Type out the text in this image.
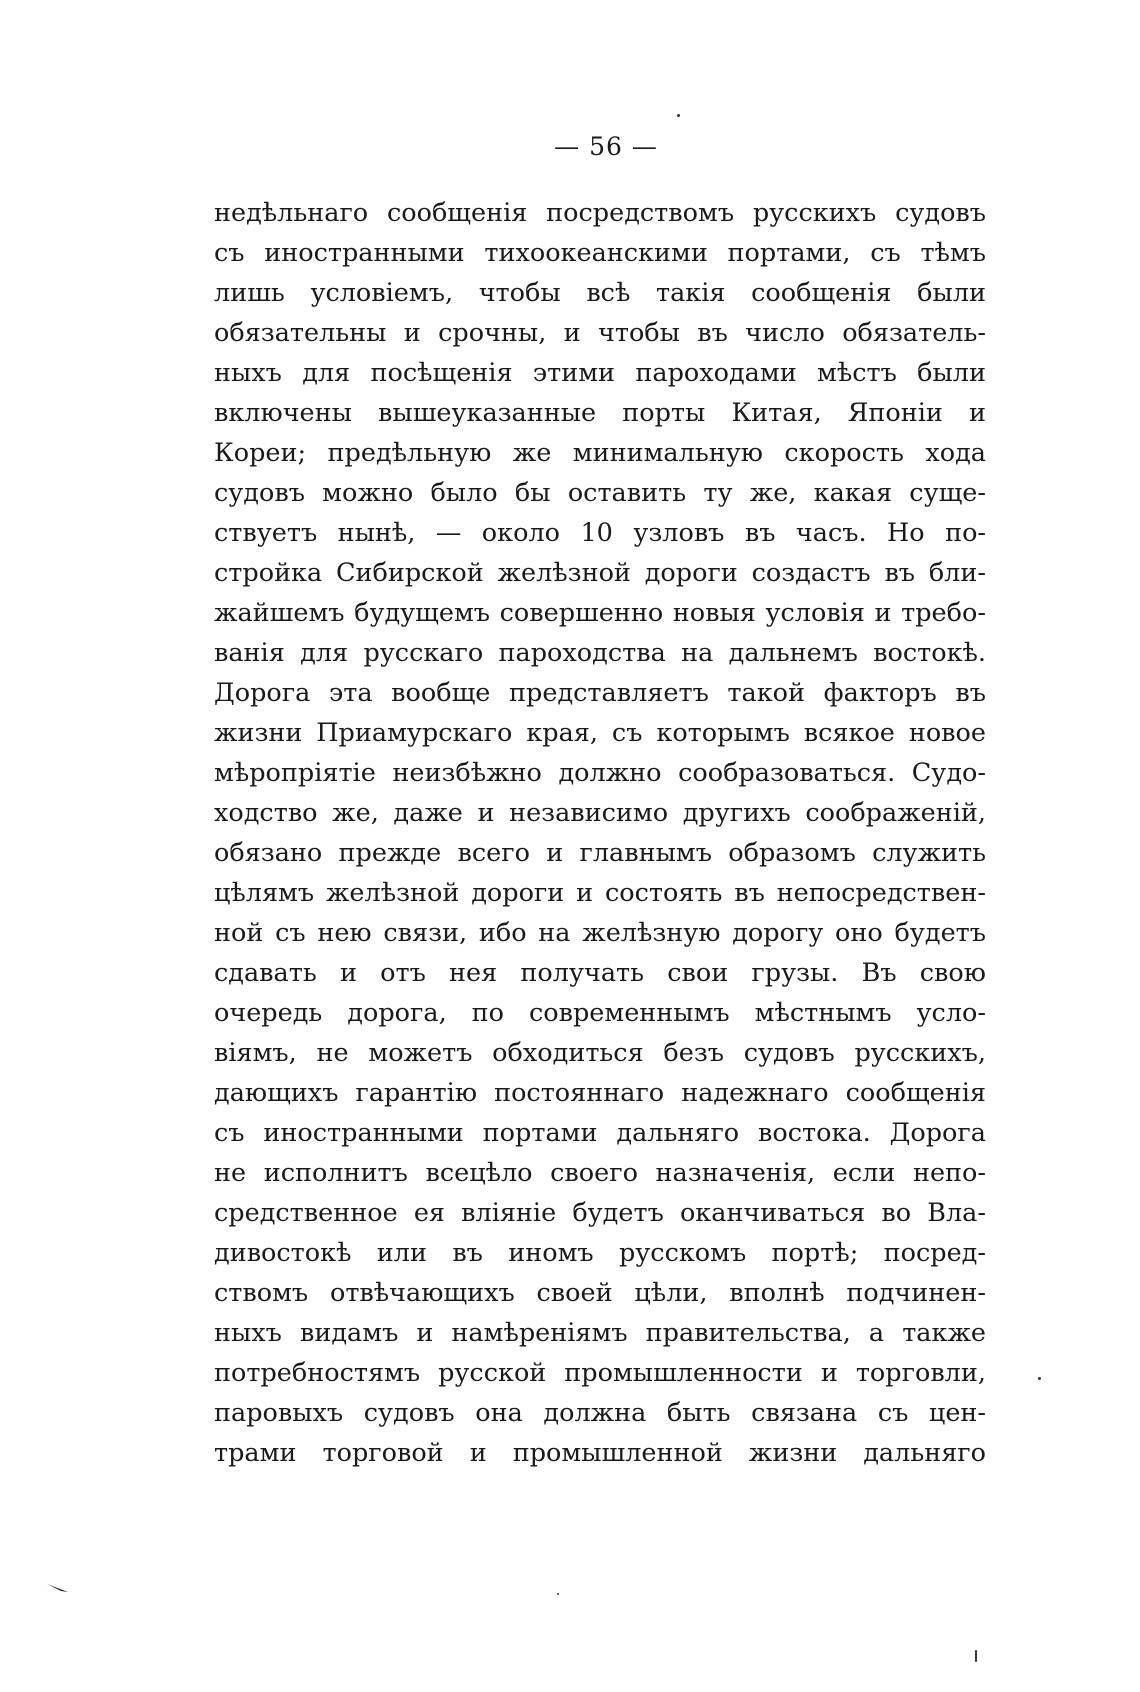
— 56 —
недѣльнаго сообщенія посредствомъ русскихъ судовъ
съ иностранными тихоокеанскими портами, съ тѣмъ
лишь условіемъ, чтобы всѣ такія сообщенія были
обязательны и срочны, и чтобы въ число обязатель-
ныхъ для посѣщенія этими пароходами мѣстъ были
включены вышеуказанные порты Китая, Японіи и
Кореи; предѣльную же минимальную скорость хода
судовъ можно было бы оставить ту же, какая суще-
ствуетъ нынѣ, — около 10 узловъ въ часъ. Но по-
стройка Сибирской желѣзной дороги создастъ въ бли-
жайшемъ будущемъ совершенно новыя условія и требо-
ванія для русскаго пароходства на дальнемъ востокѣ.
Дорога эта вообще представляетъ такой факторъ въ
жизни Приамурскаго края, съ которымъ всякое новое
мѣропріятіе неизбѣжно должно сообразоваться. Судо-
ходство же, даже и независимо другихъ соображеній,
обязано прежде всего и главнымъ образомъ служить
цѣлямъ желѣзной дороги и состоять въ непосредствен-
ной съ нею связи, ибо на желѣзную дорогу оно будетъ
сдавать и отъ нея получать свои грузы. Въ свою
очередь дорога, по современнымъ мѣстнымъ усло-
віямъ, не можетъ обходиться безъ судовъ русскихъ,
дающихъ гарантію постояннаго надежнаго сообщенія
съ иностранными портами дальняго востока. Дорога
не исполнитъ всецѣло своего назначенія, если непо-
средственное ея вліяніе будетъ оканчиваться во Вла-
дивостокѣ или въ иномъ русскомъ портѣ; посред-
ствомъ отвѣчающихъ своей цѣли, вполнѣ подчинен-
ныхъ видамъ и намѣреніямъ правительства, а также
потребностямъ русской промышленности и торговли,
паровыхъ судовъ она должна быть связана съ цен-
трами торговой и промышленной жизни дальняго
